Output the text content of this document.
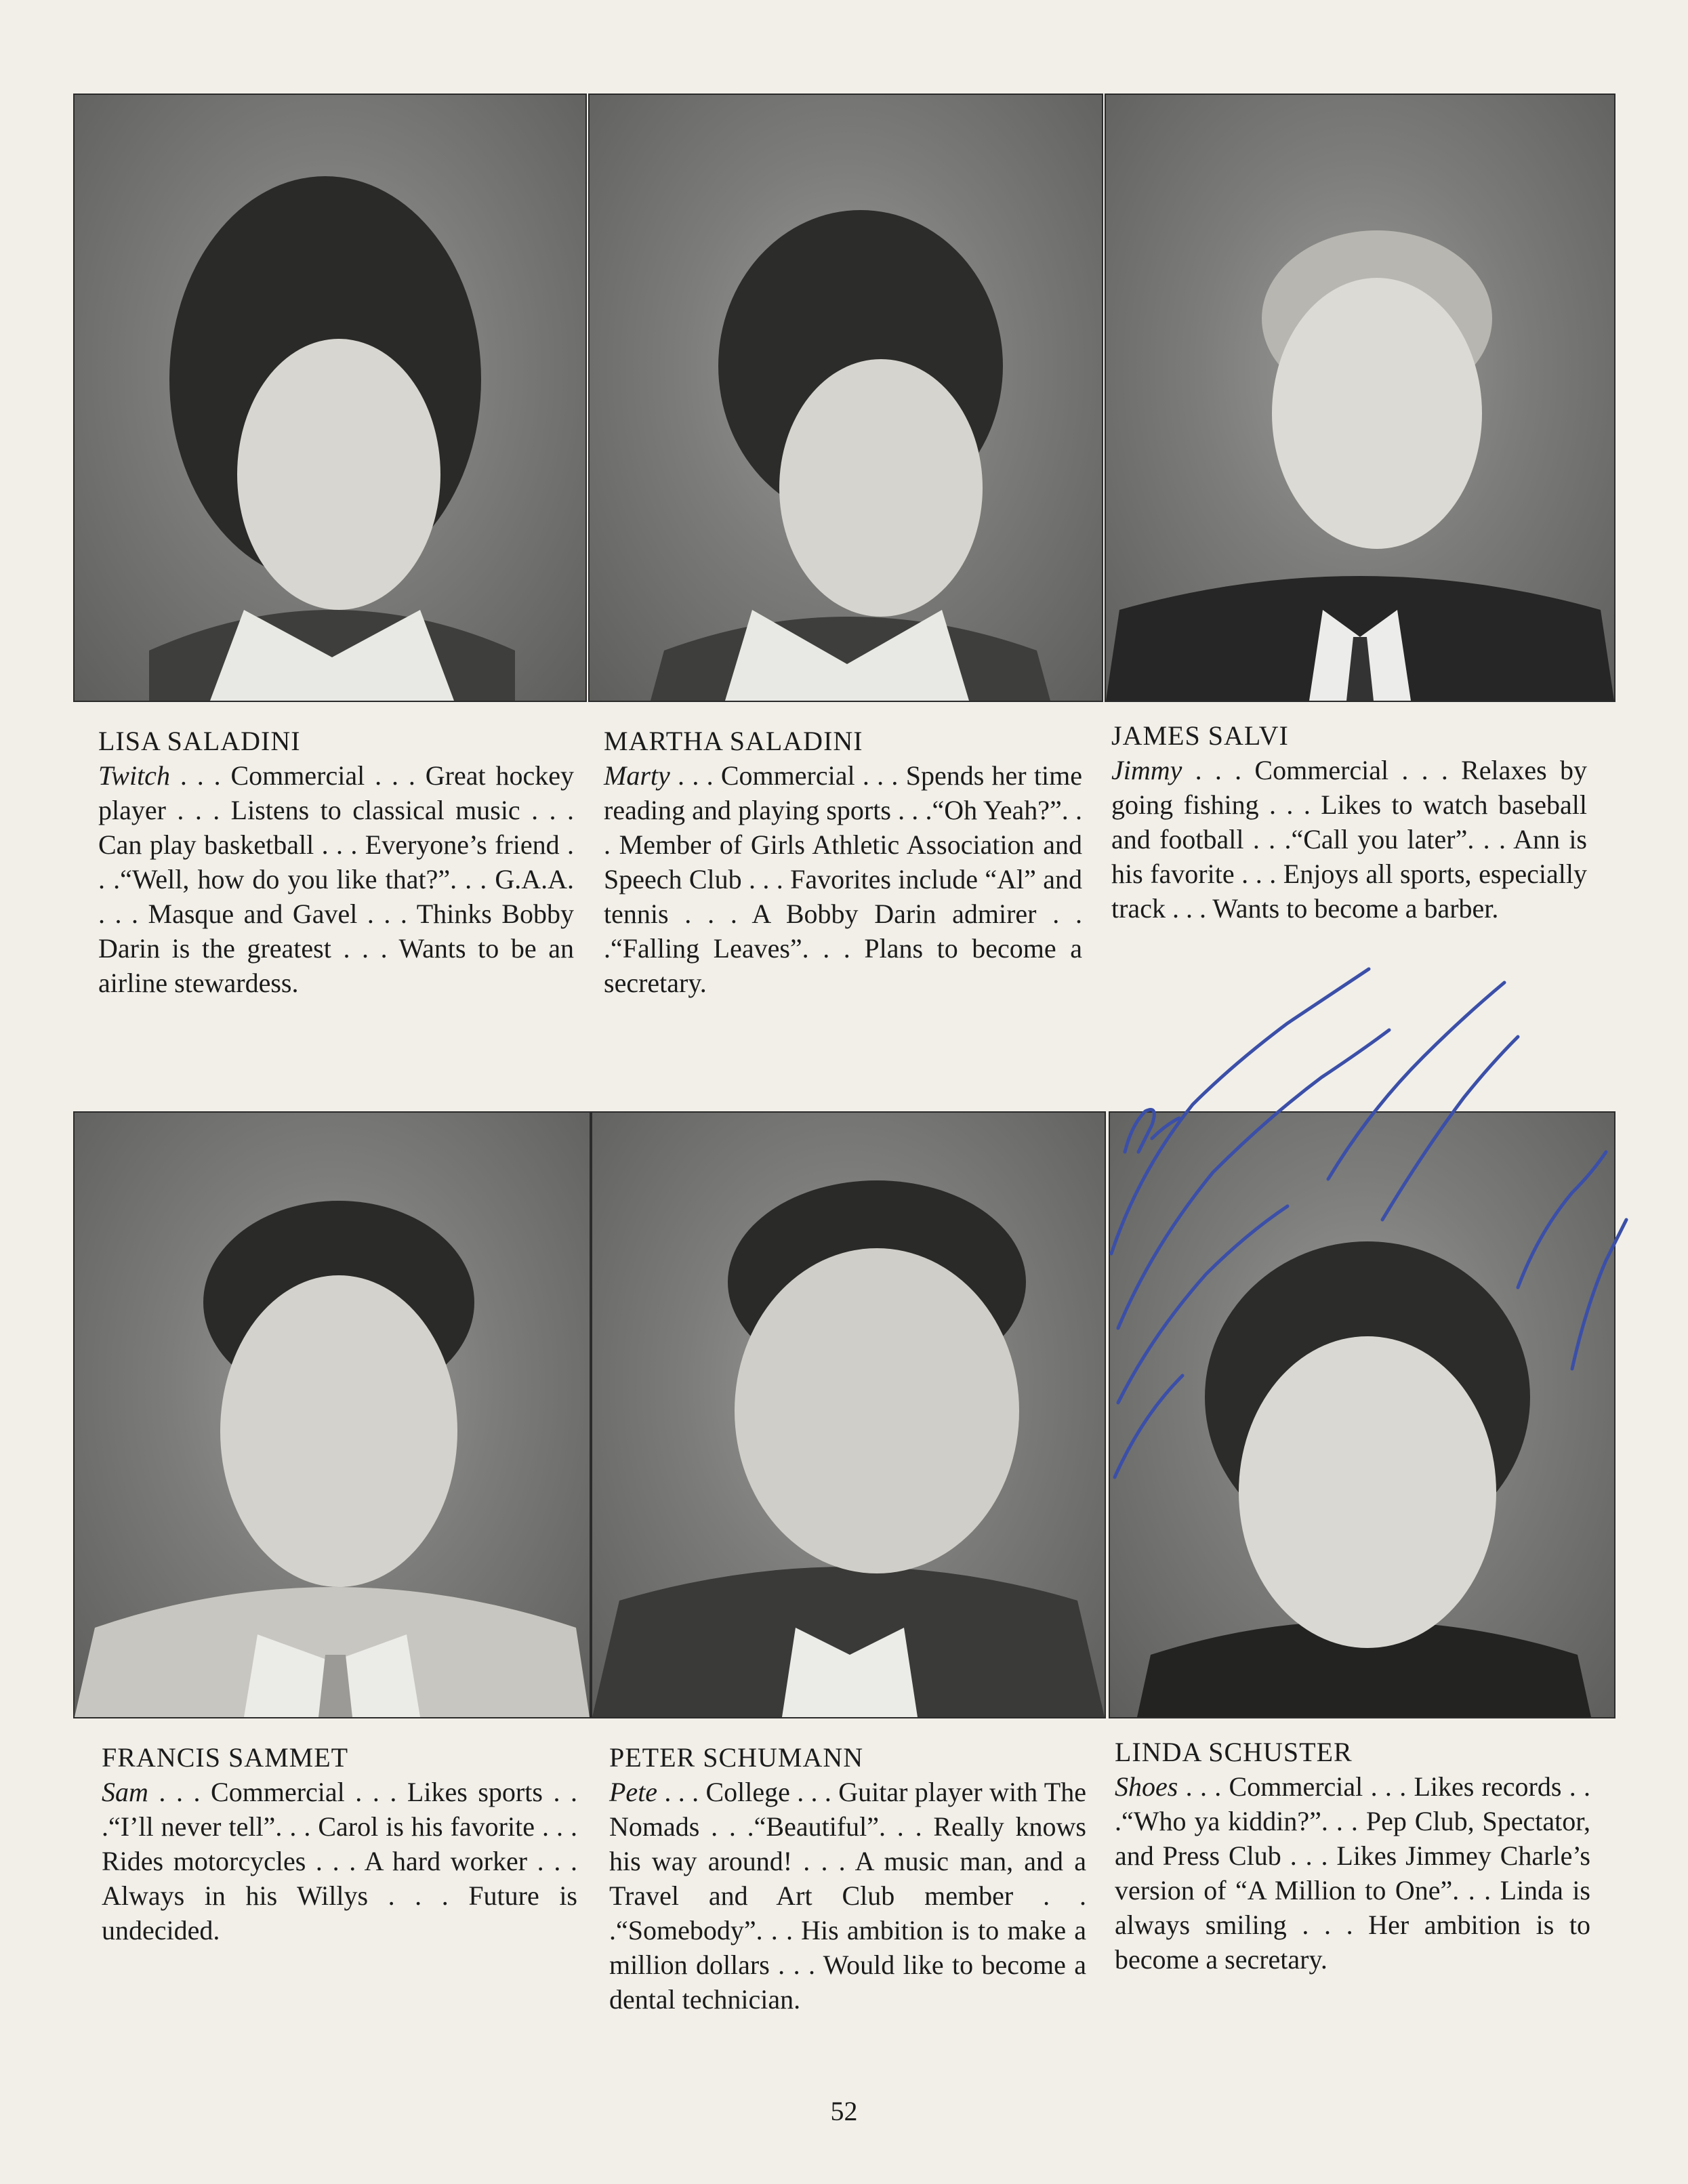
LISA SALADINI
Twitch . . . Commercial . . . Great hockey player . . . Listens to classical music . . . Can play basketball . . . Everyone’s friend . . .“Well, how do you like that?”. . . G.A.A. . . . Masque and Gavel . . . Thinks Bobby Darin is the greatest . . . Wants to be an airline stewardess.
MARTHA SALADINI
Marty . . . Commercial . . . Spends her time reading and playing sports . . .“Oh Yeah?”. . . Member of Girls Athletic Association and Speech Club . . . Favorites include “Al” and tennis . . . A Bobby Darin admirer . . .“Falling Leaves”. . . Plans to become a secretary.
JAMES SALVI
Jimmy . . . Commercial . . . Relaxes by going fishing . . . Likes to watch baseball and football . . .“Call you later”. . . Ann is his favorite . . . Enjoys all sports, especially track . . . Wants to become a barber.
FRANCIS SAMMET
Sam . . . Commercial . . . Likes sports . . .“I’ll never tell”. . . Carol is his favorite . . . Rides motorcycles . . . A hard worker . . . Always in his Willys . . . Future is undecided.
PETER SCHUMANN
Pete . . . College . . . Guitar player with The Nomads . . .“Beautiful”. . . Really knows his way around! . . . A music man, and a Travel and Art Club member . . .“Somebody”. . . His ambition is to make a million dollars . . . Would like to become a dental technician.
LINDA SCHUSTER
Shoes . . . Commercial . . . Likes records . . .“Who ya kiddin?”. . . Pep Club, Spectator, and Press Club . . . Likes Jimmey Charle’s version of “A Million to One”. . . Linda is always smiling . . . Her ambition is to become a secretary.
52
